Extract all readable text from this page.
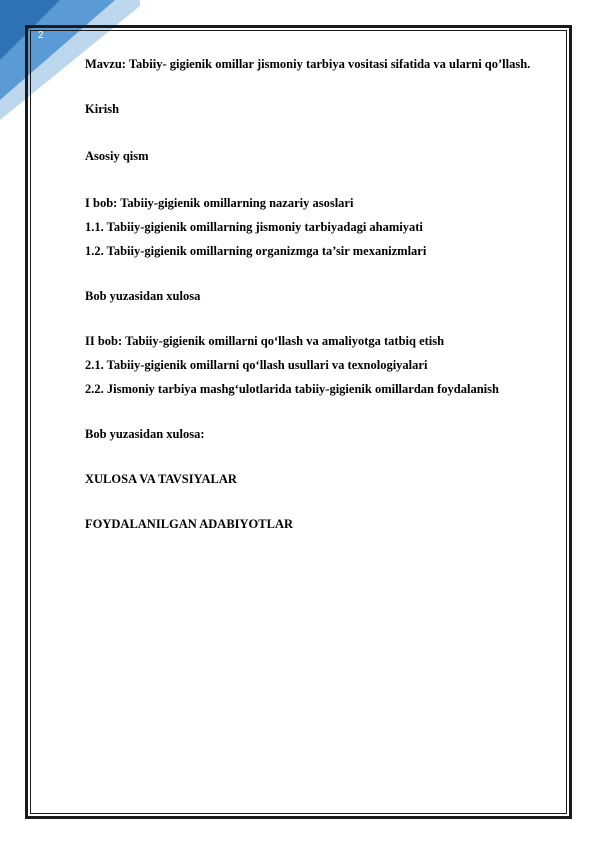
2

Mavzu: Tabiiy- gigienik omillar jismoniy tarbiya vositasi sifatida va ularni qo’llash.

Kirish

Asosiy qism

I bob: Tabiiy-gigienik omillarning nazariy asoslari

1.1. Tabiiy-gigienik omillarning jismoniy tarbiyadagi ahamiyati

1.2. Tabiiy-gigienik omillarning organizmga ta’sir mexanizmlari

Bob yuzasidan xulosa

II bob: Tabiiy-gigienik omillarni qo‘llash va amaliyotga tatbiq etish

2.1. Tabiiy-gigienik omillarni qo‘llash usullari va texnologiyalari

2.2. Jismoniy tarbiya mashg‘ulotlarida tabiiy-gigienik omillardan foydalanish

Bob yuzasidan xulosa:

XULOSA VA TAVSIYALAR

FOYDALANILGAN ADABIYOTLAR
